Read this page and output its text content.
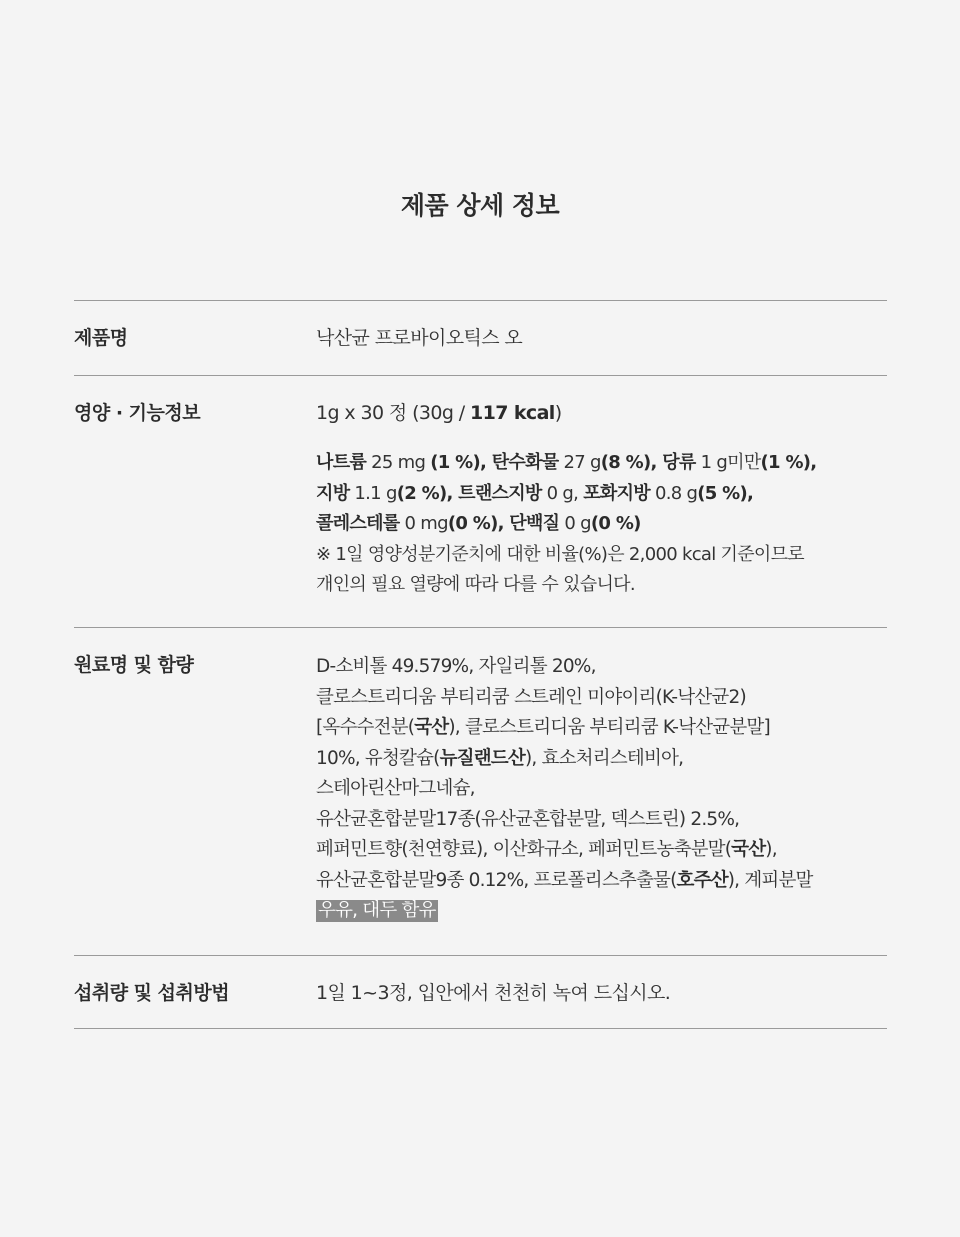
제품 상세 정보
제품명	낙산균 프로바이오틱스 오
영양 · 기능정보	1g x 30 정 (30g / 117 kcal)
나트륨 25 mg (1 %), 탄수화물 27 g(8 %), 당류 1 g미만(1 %),
지방 1.1 g(2 %), 트랜스지방 0 g, 포화지방 0.8 g(5 %),
콜레스테롤 0 mg(0 %), 단백질 0 g(0 %)
※ 1일 영양성분기준치에 대한 비율(%)은 2,000 kcal 기준이므로
개인의 필요 열량에 따라 다를 수 있습니다.
원료명 및 함량	D-소비톨 49.579%, 자일리톨 20%,
클로스트리디움 부티리쿰 스트레인 미야이리(K-낙산균2)
[옥수수전분(국산), 클로스트리디움 부티리쿰 K-낙산균분말]
10%, 유청칼슘(뉴질랜드산), 효소처리스테비아,
스테아린산마그네슘,
유산균혼합분말17종(유산균혼합분말, 덱스트린) 2.5%,
페퍼민트향(천연향료), 이산화규소, 페퍼민트농축분말(국산),
유산균혼합분말9종 0.12%, 프로폴리스추출물(호주산), 계피분말
우유, 대두 함유
섭취량 및 섭취방법	1일 1~3정, 입안에서 천천히 녹여 드십시오.
